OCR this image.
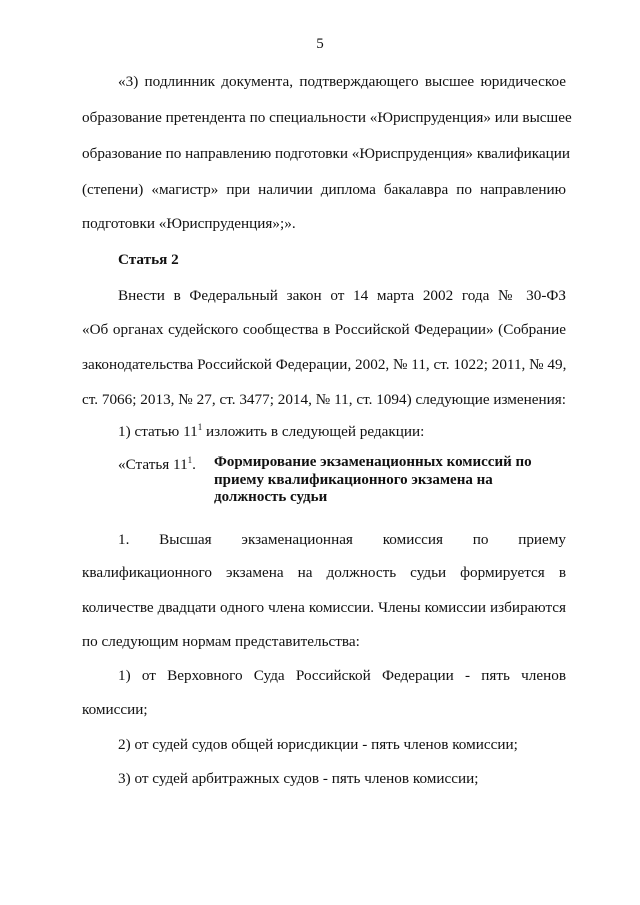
5
«3) подлинник документа, подтверждающего высшее юридическое
образование претендента по специальности «Юриспруденция» или высшее
образование по направлению подготовки «Юриспруденция» квалификации
(степени) «магистр» при наличии диплома бакалавра по направлению
подготовки «Юриспруденция»;».
Статья 2
Внести в Федеральный закон от 14 марта 2002 года № 30-ФЗ
«Об органах судейского сообщества в Российской Федерации» (Собрание
законодательства Российской Федерации, 2002, № 11, ст. 1022; 2011, № 49,
ст. 7066; 2013, № 27, ст. 3477; 2014, № 11, ст. 1094) следующие изменения:
1) статью $11^1$ изложить в следующей редакции:
«Статья $11^1$.	Формирование экзаменационных комиссий по
приему квалификационного экзамена на
должность судьи
1. Высшая экзаменационная комиссия по приему
квалификационного экзамена на должность судьи формируется в
количестве двадцати одного члена комиссии. Члены комиссии избираются
по следующим нормам представительства:
1) от Верховного Суда Российской Федерации - пять членов
комиссии;
2) от судей судов общей юрисдикции - пять членов комиссии;
3) от судей арбитражных судов - пять членов комиссии;
